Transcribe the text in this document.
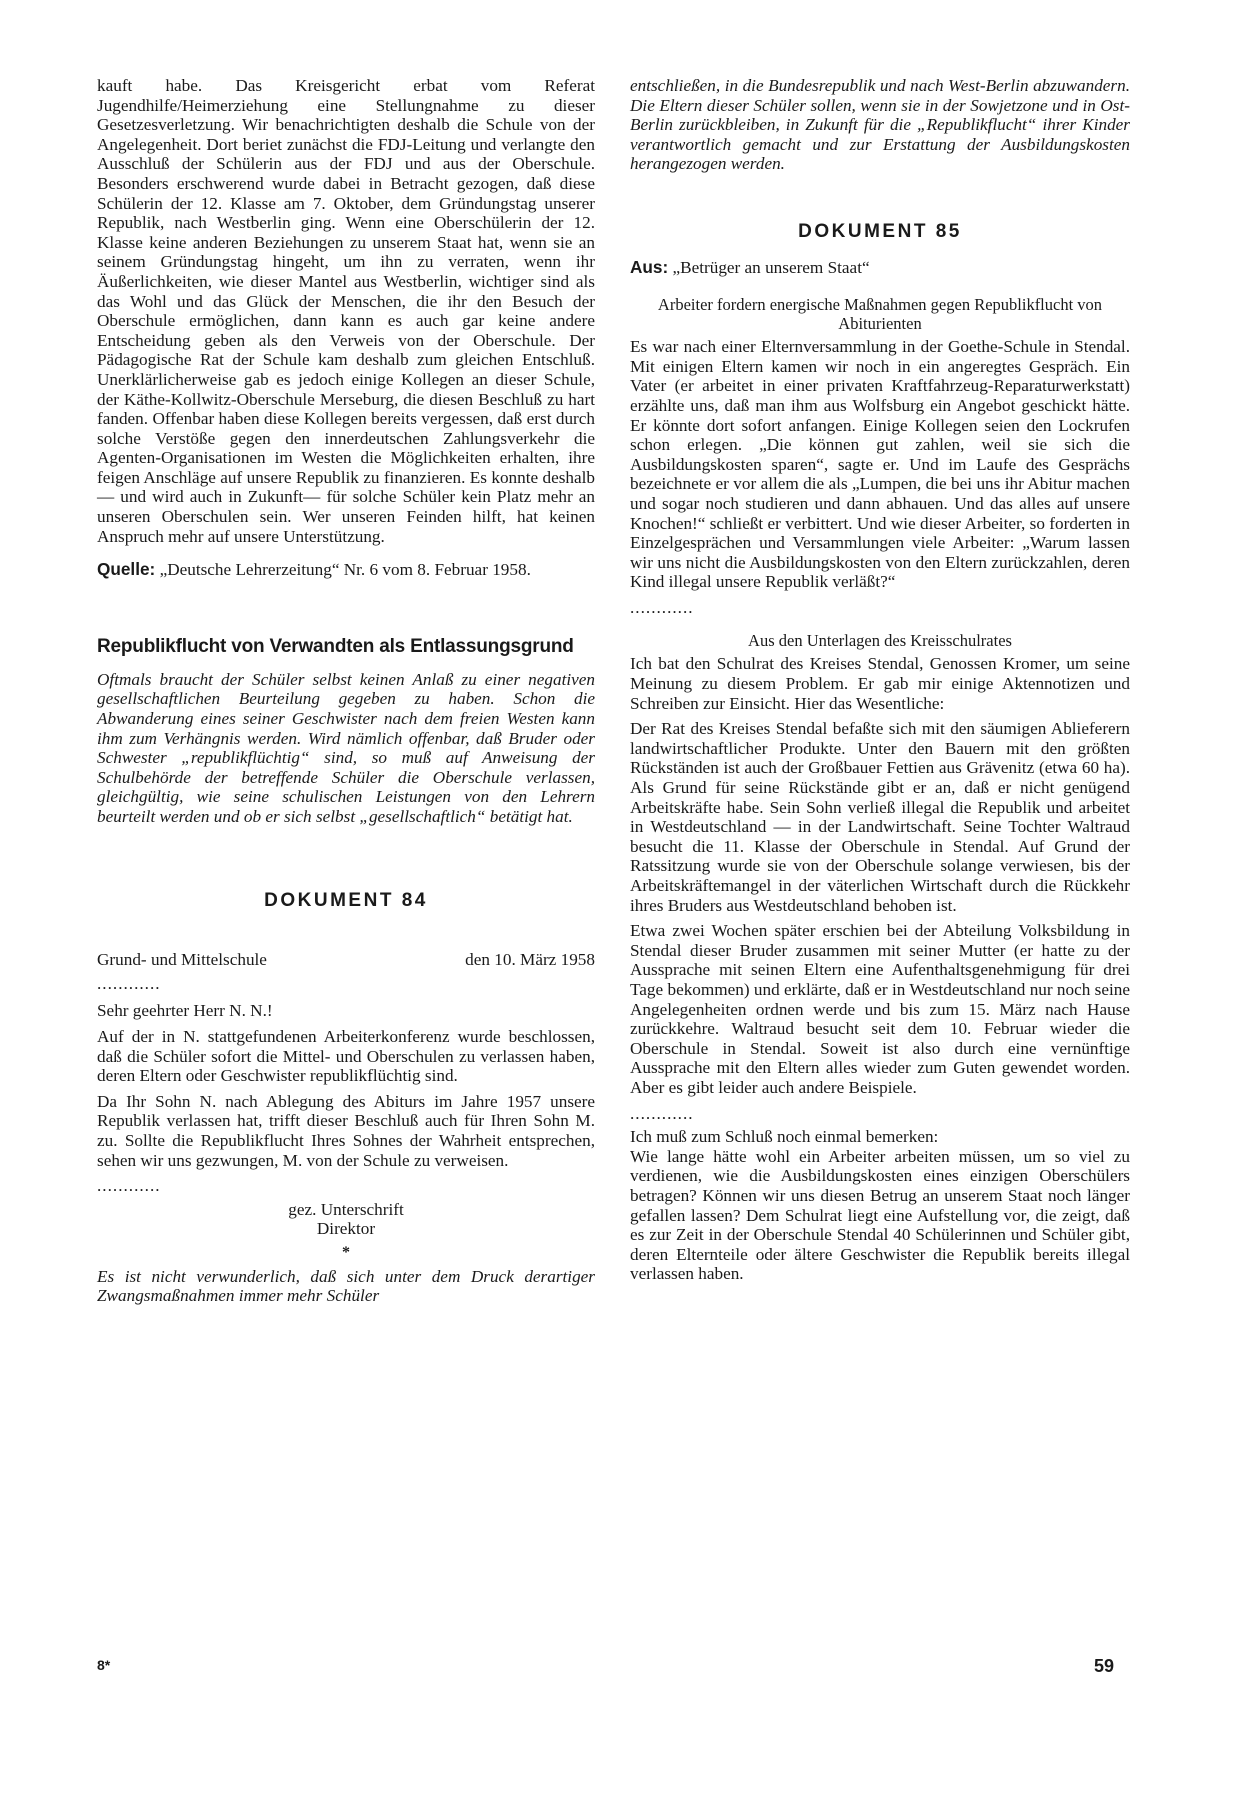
kauft habe. Das Kreisgericht erbat vom Referat Jugendhilfe/Heimerziehung eine Stellungnahme zu dieser Gesetzesverletzung. Wir benachrichtigten deshalb die Schule von der Angelegenheit. Dort beriet zunächst die FDJ-Leitung und verlangte den Ausschluß der Schülerin aus der FDJ und aus der Oberschule. Besonders erschwerend wurde dabei in Betracht gezogen, daß diese Schülerin der 12. Klasse am 7. Oktober, dem Gründungstag unserer Republik, nach Westberlin ging. Wenn eine Oberschülerin der 12. Klasse keine anderen Beziehungen zu unserem Staat hat, wenn sie an seinem Gründungstag hingeht, um ihn zu verraten, wenn ihr Äußerlichkeiten, wie dieser Mantel aus Westberlin, wichtiger sind als das Wohl und das Glück der Menschen, die ihr den Besuch der Oberschule ermöglichen, dann kann es auch gar keine andere Entscheidung geben als den Verweis von der Oberschule. Der Pädagogische Rat der Schule kam deshalb zum gleichen Entschluß. Unerklärlicherweise gab es jedoch einige Kollegen an dieser Schule, der Käthe-Kollwitz-Oberschule Merseburg, die diesen Beschluß zu hart fanden. Offenbar haben diese Kollegen bereits vergessen, daß erst durch solche Verstöße gegen den innerdeutschen Zahlungsverkehr die Agenten-Organisationen im Westen die Möglichkeiten erhalten, ihre feigen Anschläge auf unsere Republik zu finanzieren. Es konnte deshalb — und wird auch in Zukunft— für solche Schüler kein Platz mehr an unseren Oberschulen sein. Wer unseren Feinden hilft, hat keinen Anspruch mehr auf unsere Unterstützung.

Quelle: „Deutsche Lehrerzeitung“ Nr. 6 vom 8. Februar 1958.

Republikflucht von Verwandten als Entlassungsgrund

Oftmals braucht der Schüler selbst keinen Anlaß zu einer negativen gesellschaftlichen Beurteilung gegeben zu haben. Schon die Abwanderung eines seiner Geschwister nach dem freien Westen kann ihm zum Verhängnis werden. Wird nämlich offenbar, daß Bruder oder Schwester „republikflüchtig“ sind, so muß auf Anweisung der Schulbehörde der betreffende Schüler die Oberschule verlassen, gleichgültig, wie seine schulischen Leistungen von den Lehrern beurteilt werden und ob er sich selbst „gesellschaftlich“ betätigt hat.

DOKUMENT 84
Grund- und Mittelschule	den 10. März 1958

............

Sehr geehrter Herr N. N.!

Auf der in N. stattgefundenen Arbeiterkonferenz wurde beschlossen, daß die Schüler sofort die Mittel- und Oberschulen zu verlassen haben, deren Eltern oder Geschwister republikflüchtig sind.

Da Ihr Sohn N. nach Ablegung des Abiturs im Jahre 1957 unsere Republik verlassen hat, trifft dieser Beschluß auch für Ihren Sohn M. zu. Sollte die Republikflucht Ihres Sohnes der Wahrheit entsprechen, sehen wir uns gezwungen, M. von der Schule zu verweisen.

............

gez. Unterschrift

Direktor

*

Es ist nicht verwunderlich, daß sich unter dem Druck derartiger Zwangsmaßnahmen immer mehr Schüler

entschließen, in die Bundesrepublik und nach West-Berlin abzuwandern. Die Eltern dieser Schüler sollen, wenn sie in der Sowjetzone und in Ost-Berlin zurückbleiben, in Zukunft für die „Republikflucht“ ihrer Kinder verantwortlich gemacht und zur Erstattung der Ausbildungskosten herangezogen werden.

DOKUMENT 85

Aus: „Betrüger an unserem Staat“

Arbeiter fordern energische Maßnahmen gegen Republikflucht von Abiturienten

Es war nach einer Elternversammlung in der Goethe-Schule in Stendal. Mit einigen Eltern kamen wir noch in ein angeregtes Gespräch. Ein Vater (er arbeitet in einer privaten Kraftfahrzeug-Reparaturwerkstatt) erzählte uns, daß man ihm aus Wolfsburg ein Angebot geschickt hätte. Er könnte dort sofort anfangen. Einige Kollegen seien den Lockrufen schon erlegen. „Die können gut zahlen, weil sie sich die Ausbildungskosten sparen“, sagte er. Und im Laufe des Gesprächs bezeichnete er vor allem die als „Lumpen, die bei uns ihr Abitur machen und sogar noch studieren und dann abhauen. Und das alles auf unsere Knochen!“ schließt er verbittert. Und wie dieser Arbeiter, so forderten in Einzelgesprächen und Versammlungen viele Arbeiter: „Warum lassen wir uns nicht die Ausbildungskosten von den Eltern zurückzahlen, deren Kind illegal unsere Republik verläßt?“

............

Aus den Unterlagen des Kreisschulrates

Ich bat den Schulrat des Kreises Stendal, Genossen Kromer, um seine Meinung zu diesem Problem. Er gab mir einige Aktennotizen und Schreiben zur Einsicht. Hier das Wesentliche:

Der Rat des Kreises Stendal befaßte sich mit den säumigen Ablieferern landwirtschaftlicher Produkte. Unter den Bauern mit den größten Rückständen ist auch der Großbauer Fettien aus Grävenitz (etwa 60 ha). Als Grund für seine Rückstände gibt er an, daß er nicht genügend Arbeitskräfte habe. Sein Sohn verließ illegal die Republik und arbeitet in Westdeutschland — in der Landwirtschaft. Seine Tochter Waltraud besucht die 11. Klasse der Oberschule in Stendal. Auf Grund der Ratssitzung wurde sie von der Oberschule solange verwiesen, bis der Arbeitskräftemangel in der väterlichen Wirtschaft durch die Rückkehr ihres Bruders aus Westdeutschland behoben ist.

Etwa zwei Wochen später erschien bei der Abteilung Volksbildung in Stendal dieser Bruder zusammen mit seiner Mutter (er hatte zu der Aussprache mit seinen Eltern eine Aufenthaltsgenehmigung für drei Tage bekommen) und erklärte, daß er in Westdeutschland nur noch seine Angelegenheiten ordnen werde und bis zum 15. März nach Hause zurückkehre. Waltraud besucht seit dem 10. Februar wieder die Oberschule in Stendal. Soweit ist also durch eine vernünftige Aussprache mit den Eltern alles wieder zum Guten gewendet worden. Aber es gibt leider auch andere Beispiele.

............

Ich muß zum Schluß noch einmal bemerken:

Wie lange hätte wohl ein Arbeiter arbeiten müssen, um so viel zu verdienen, wie die Ausbildungskosten eines einzigen Oberschülers betragen? Können wir uns diesen Betrug an unserem Staat noch länger gefallen lassen? Dem Schulrat liegt eine Aufstellung vor, die zeigt, daß es zur Zeit in der Oberschule Stendal 40 Schülerinnen und Schüler gibt, deren Elternteile oder ältere Geschwister die Republik bereits illegal verlassen haben.

8*	59
